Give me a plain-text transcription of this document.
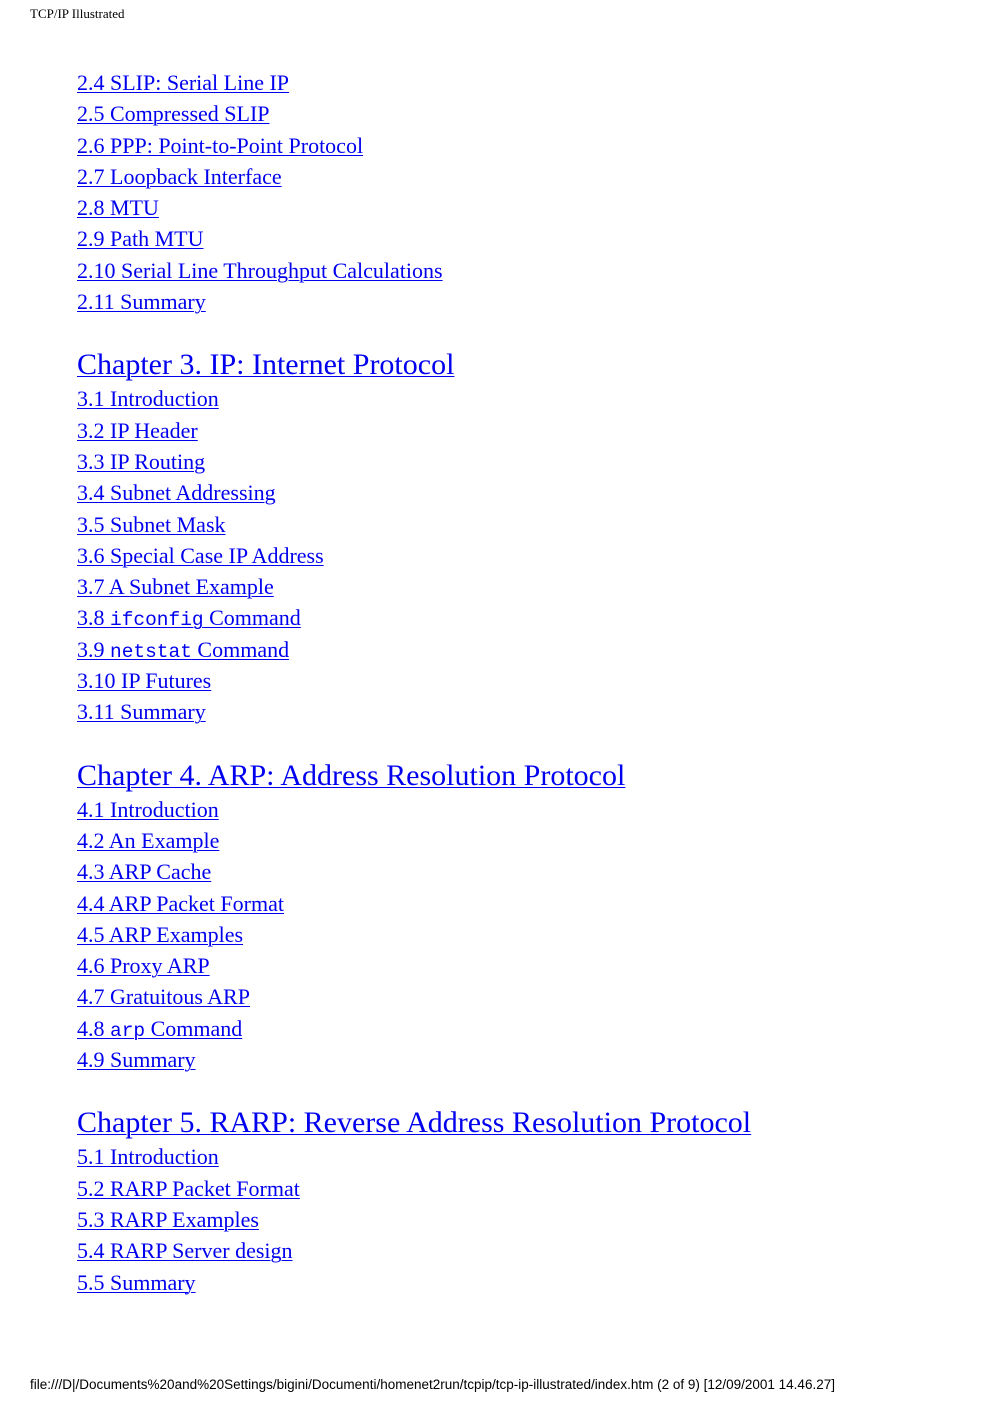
TCP/IP Illustrated
2.4 SLIP: Serial Line IP
2.5 Compressed SLIP
2.6 PPP: Point-to-Point Protocol
2.7 Loopback Interface
2.8 MTU
2.9 Path MTU
2.10 Serial Line Throughput Calculations
2.11 Summary
Chapter 3. IP: Internet Protocol
3.1 Introduction
3.2 IP Header
3.3 IP Routing
3.4 Subnet Addressing
3.5 Subnet Mask
3.6 Special Case IP Address
3.7 A Subnet Example
3.8 ifconfig Command
3.9 netstat Command
3.10 IP Futures
3.11 Summary
Chapter 4. ARP: Address Resolution Protocol
4.1 Introduction
4.2 An Example
4.3 ARP Cache
4.4 ARP Packet Format
4.5 ARP Examples
4.6 Proxy ARP
4.7 Gratuitous ARP
4.8 arp Command
4.9 Summary
Chapter 5. RARP: Reverse Address Resolution Protocol
5.1 Introduction
5.2 RARP Packet Format
5.3 RARP Examples
5.4 RARP Server design
5.5 Summary
file:///D|/Documents%20and%20Settings/bigini/Documenti/homenet2run/tcpip/tcp-ip-illustrated/index.htm (2 of 9) [12/09/2001 14.46.27]
